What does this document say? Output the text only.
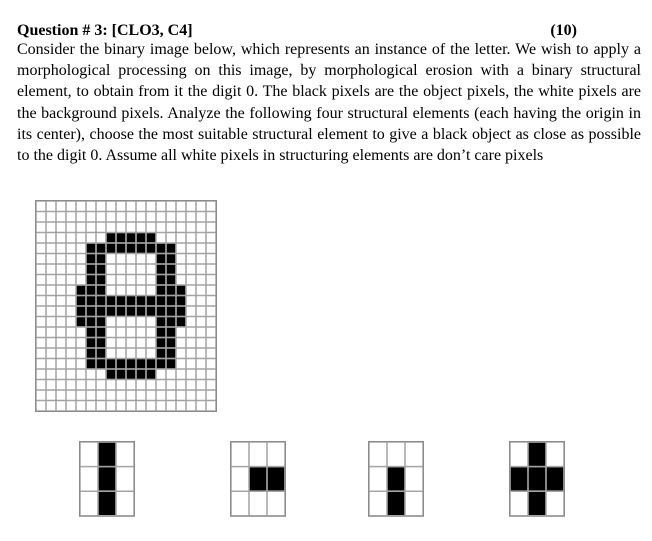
Question # 3: [CLO3, C4]	(10)
Consider the binary image below, which represents an instance of the letter. We wish to apply a morphological processing on this image, by morphological erosion with a binary structural element, to obtain from it the digit 0. The black pixels are the object pixels, the white pixels are the background pixels. Analyze the following four structural elements (each having the origin in its center), choose the most suitable structural element to give a black object as close as possible to the digit 0. Assume all white pixels in structuring elements are don’t care pixels
